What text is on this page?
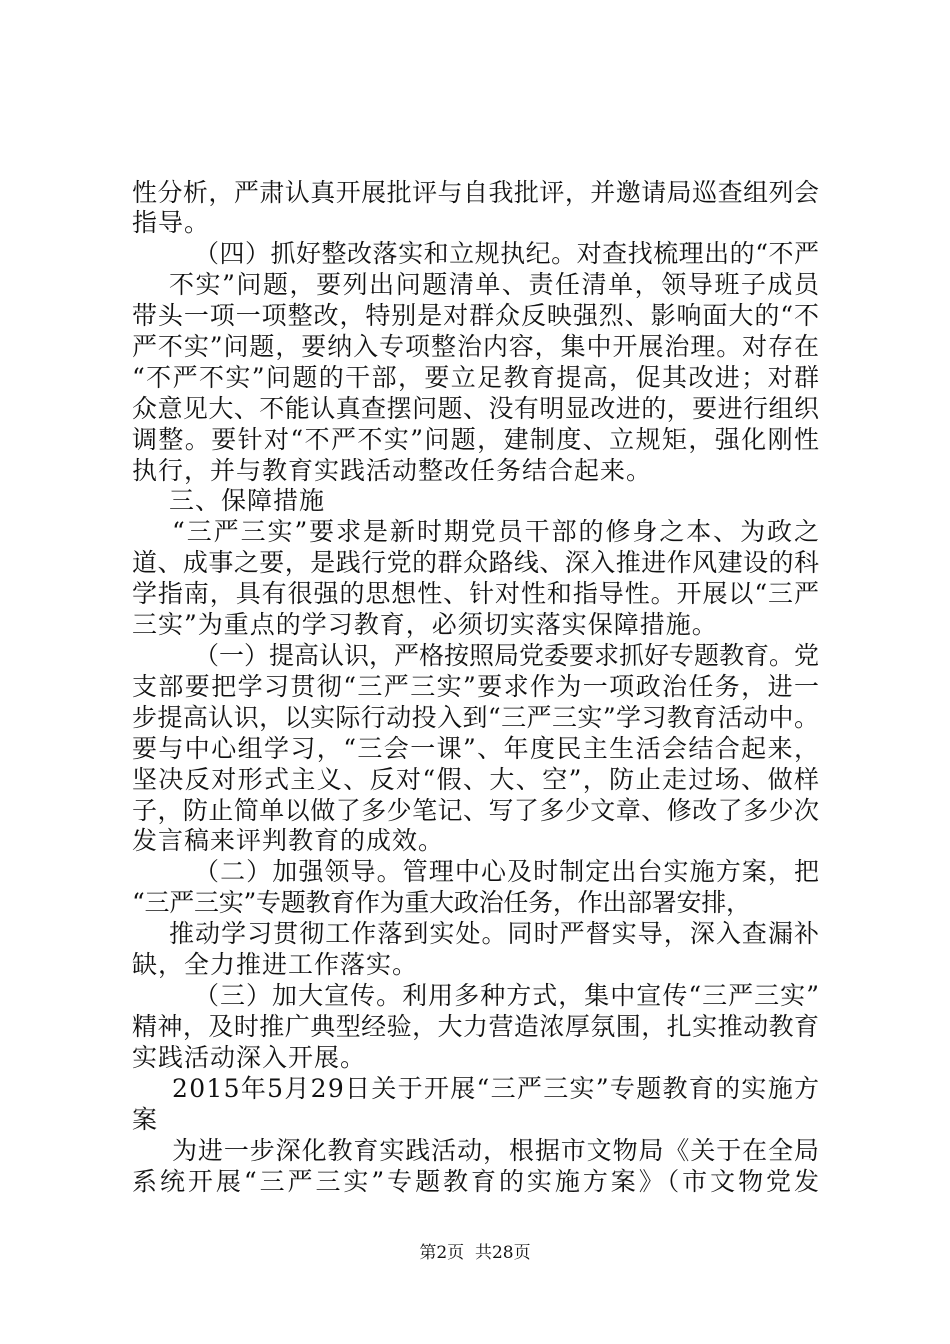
性分析，严肃认真开展批评与自我批评，并邀请局巡查组列会
指导。
（四）抓好整改落实和立规执纪。对查找梳理出的“不严
不实”问题，要列出问题清单、责任清单，领导班子成员
带头一项一项整改，特别是对群众反映强烈、影响面大的“不
严不实”问题，要纳入专项整治内容，集中开展治理。对存在
“不严不实”问题的干部，要立足教育提高，促其改进；对群
众意见大、不能认真查摆问题、没有明显改进的，要进行组织
调整。要针对“不严不实”问题，建制度、立规矩，强化刚性
执行，并与教育实践活动整改任务结合起来。
三、保障措施
“三严三实”要求是新时期党员干部的修身之本、为政之
道、成事之要，是践行党的群众路线、深入推进作风建设的科
学指南，具有很强的思想性、针对性和指导性。开展以“三严
三实”为重点的学习教育，必须切实落实保障措施。
（一）提高认识，严格按照局党委要求抓好专题教育。党
支部要把学习贯彻“三严三实”要求作为一项政治任务，进一
步提高认识，以实际行动投入到“三严三实”学习教育活动中。
要与中心组学习，“三会一课”、年度民主生活会结合起来，
坚决反对形式主义、反对“假、大、空”，防止走过场、做样
子，防止简单以做了多少笔记、写了多少文章、修改了多少次
发言稿来评判教育的成效。
（二）加强领导。管理中心及时制定出台实施方案，把
“三严三实”专题教育作为重大政治任务，作出部署安排，
推动学习贯彻工作落到实处。同时严督实导，深入查漏补
缺，全力推进工作落实。
（三）加大宣传。利用多种方式，集中宣传“三严三实”
精神，及时推广典型经验，大力营造浓厚氛围，扎实推动教育
实践活动深入开展。
2015年5月29日关于开展“三严三实”专题教育的实施方
案
为进一步深化教育实践活动，根据市文物局《关于在全局
系统开展“三严三实”专题教育的实施方案》（市文物党发
第2页  共28页
